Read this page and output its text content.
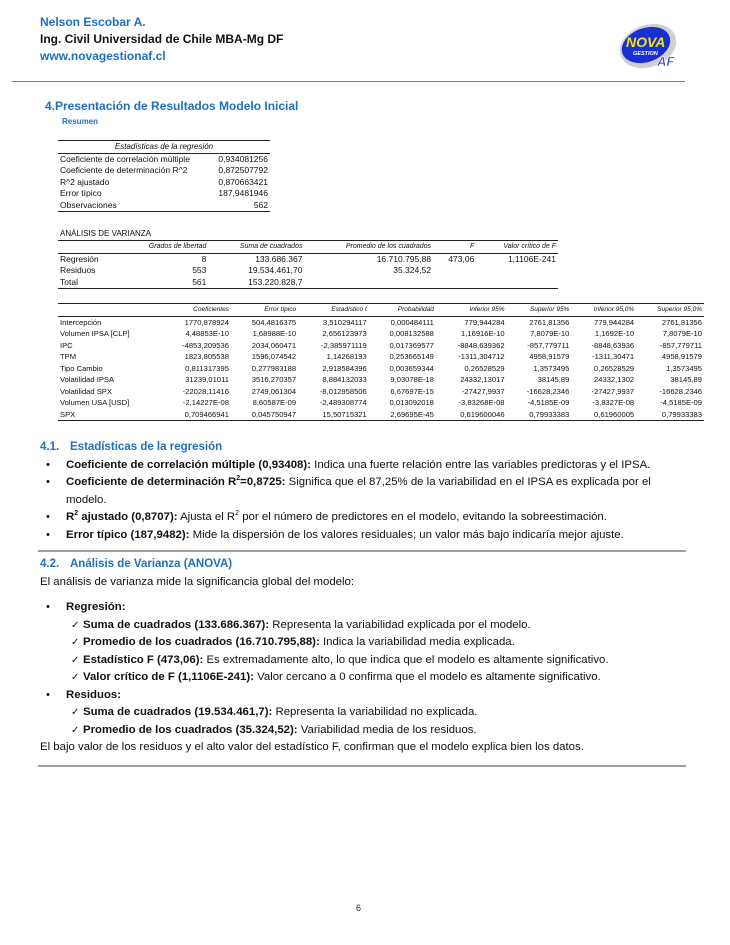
Nelson Escobar A.
Ing. Civil Universidad de Chile MBA-Mg DF
www.novagestionaf.cl
NOVA
GESTION AF
4.Presentación de Resultados Modelo Inicial
Resumen
Estadísticas de la regresión	
Coeficiente de correlación múltiple	0,934081256
Coeficiente de determinación R^2	0,872507792
R^2 ajustado	0,870663421
Error típico	187,9481946
Observaciones	562
ANÁLISIS DE VARIANZA
	Grados de libertad	Suma de cuadrados	Promedio de los cuadrados	F	Valor crítico de F
Regresión	8	133.686.367	16.710.795,88	473,06	1,1106E-241
Residuos	553	19.534.461,70	35.324,52		
Total	561	153.220.828,7			
	Coeficientes	Error típico	Estadístico t	Probabilidad	Inferior 95%	Superior 95%	Inferior 95,0%	Superior 95,0%
Intercepción	1770,878924	504,4816375	3,510294117	0,000484111	779,944284	2761,81356	779,944284	2761,81356
Volumen IPSA [CLP]	4,48853E-10	1,68988E-10	2,656123973	0,008132588	1,16916E-10	7,8079E-10	1,1692E-10	7,8079E-10
IPC	-4853,209536	2034,060471	-2,385971119	0,017369577	-8848,639362	-857,779711	-8848,63936	-857,779711
TPM	1823,805538	1596,074542	1,14268193	0,253665149	-1311,304712	4958,91579	-1311,30471	4958,91579
Tipo Cambio	0,811317395	0,277983188	2,918584396	0,003659344	0,26528529	1,3573495	0,26528529	1,3573495
Volatilidad IPSA	31239,01011	3516,270357	8,884132033	9,03078E-18	24332,13017	38145,89	24332,1302	38145,89
Volatilidad SPX	-22028,11416	2749,061304	-8,012958506	6,67697E-15	-27427,9937	-16628,2346	-27427,9937	-16628,2346
Volumen USA [USD]	-2,14227E-08	8,60587E-09	-2,489308774	0,013092018	-3,83268E-08	-4,5185E-09	-3,8327E-08	-4,5185E-09
SPX	0,709466941	0,045750947	15,50715321	2,69695E-45	0,619600046	0,79933383	0,61960005	0,79933383
4.1. Estadísticas de la regresión
• Coeficiente de correlación múltiple (0,93408): Indica una fuerte relación entre las variables predictoras y el IPSA.
• Coeficiente de determinación $R^2=0,8725$: Significa que el 87,25% de la variabilidad en el IPSA es explicada por el modelo.
• $R^2$ ajustado (0,8707): Ajusta el $R^2$ por el número de predictores en el modelo, evitando la sobreestimación.
• Error típico (187,9482): Mide la dispersión de los valores residuales; un valor más bajo indicaría mejor ajuste.
4.2. Análisis de Varianza (ANOVA)
El análisis de varianza mide la significancia global del modelo:
• Regresión:
✓ Suma de cuadrados (133.686.367): Representa la variabilidad explicada por el modelo.
✓ Promedio de los cuadrados (16.710.795,88): Indica la variabilidad media explicada.
✓ Estadístico F (473,06): Es extremadamente alto, lo que indica que el modelo es altamente significativo.
✓ Valor crítico de F (1,1106E-241): Valor cercano a 0 confirma que el modelo es altamente significativo.
• Residuos:
✓ Suma de cuadrados (19.534.461,7): Representa la variabilidad no explicada.
✓ Promedio de los cuadrados (35.324,52): Variabilidad media de los residuos.
El bajo valor de los residuos y el alto valor del estadístico F, confirman que el modelo explica bien los datos.
6
